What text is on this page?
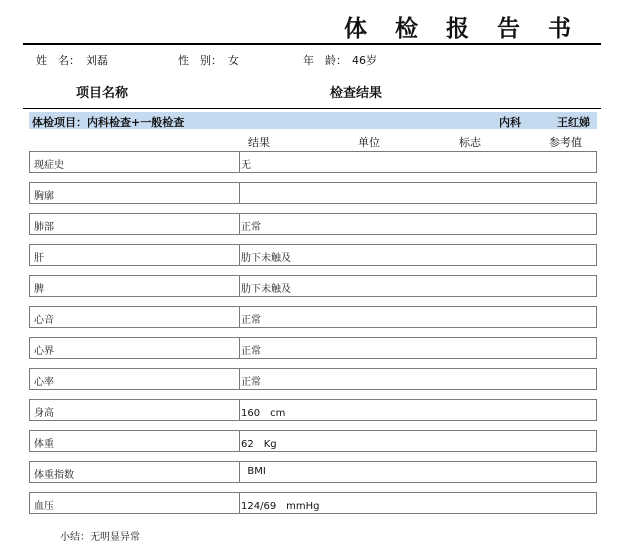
体 检 报 告 书
姓　名： 刘磊	性　别： 女	年　龄： 46岁
项目名称	检查结果
体检项目：内科检查+一般检查	内科	王红娣
结果	单位	标志	参考值
现症史	无
胸廓
肺部	正常
肝	肋下未触及
脾	肋下未触及
心音	正常
心界	正常
心率	正常
身高	160　cm
体重	62　Kg
体重指数	BMI
血压	124/69　mmHg
小结：无明显异常
